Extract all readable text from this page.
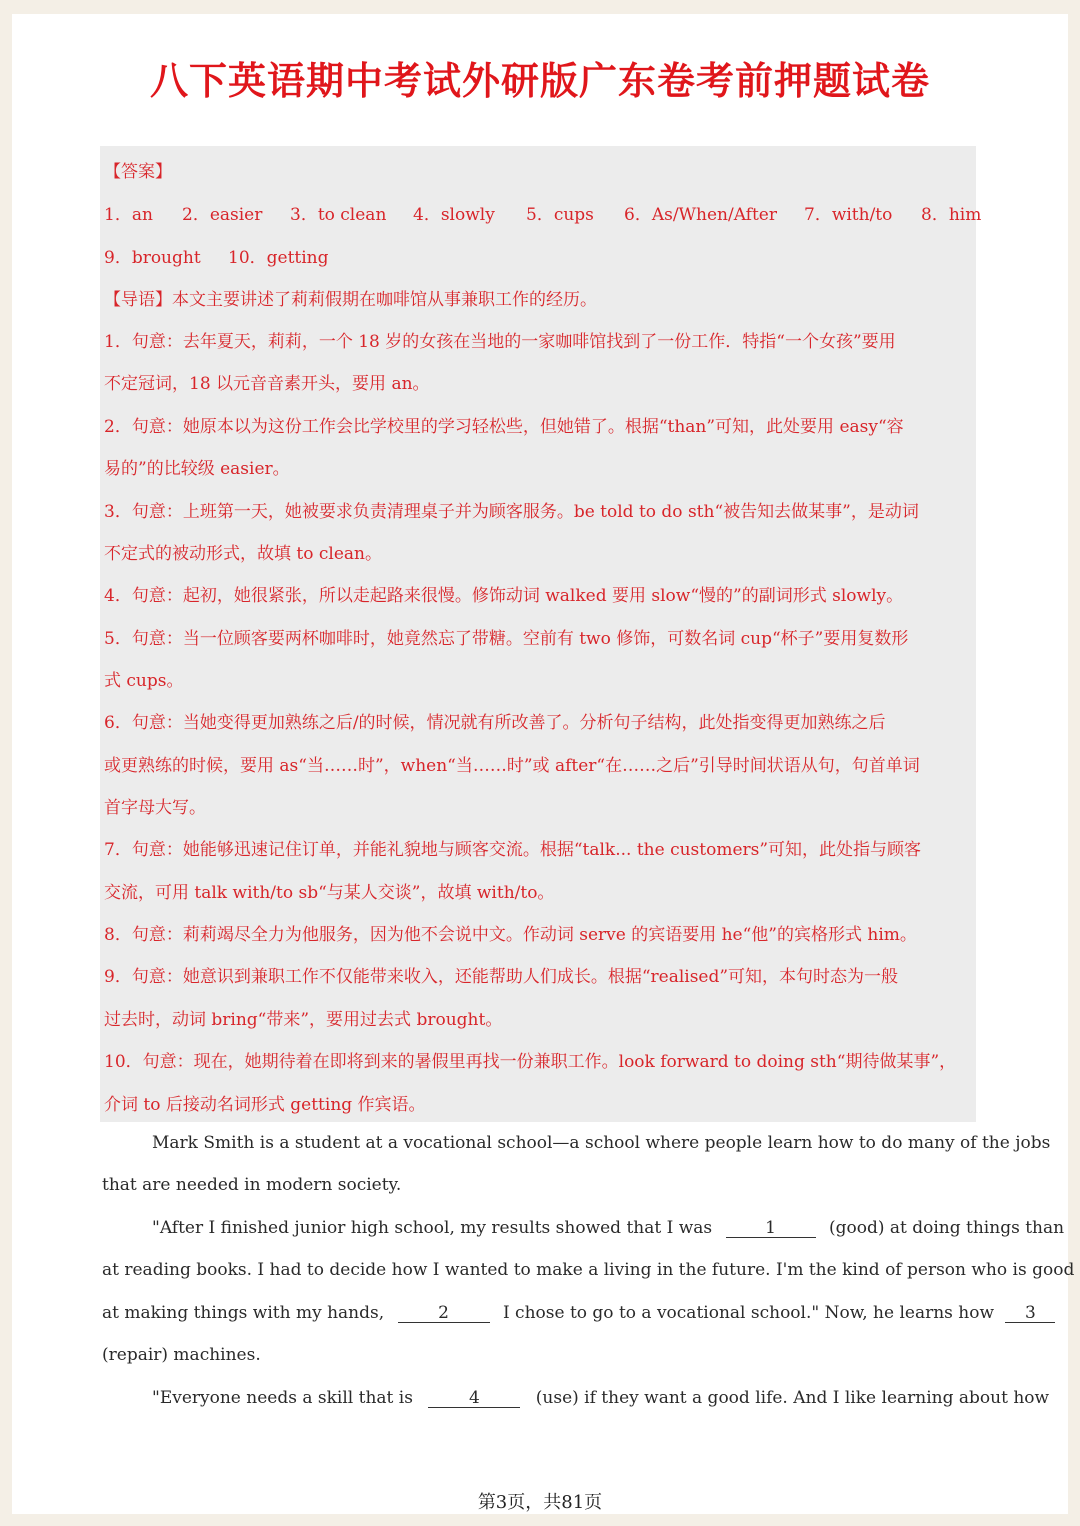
八下英语期中考试外研版广东卷考前押题试卷
【答案】
1．an 2．easier 3．to clean 4．slowly 5．cups 6．As/When/After 7．with/to 8．him
9．brought 10．getting
【导语】本文主要讲述了莉莉假期在咖啡馆从事兼职工作的经历。
1．句意：去年夏天，莉莉，一个 18 岁的女孩在当地的一家咖啡馆找到了一份工作．特指“一个女孩”要用
不定冠词，18 以元音音素开头，要用 an。
2．句意：她原本以为这份工作会比学校里的学习轻松些，但她错了。根据“than”可知，此处要用 easy“容
易的”的比较级 easier。
3．句意：上班第一天，她被要求负责清理桌子并为顾客服务。be told to do sth“被告知去做某事”，是动词
不定式的被动形式，故填 to clean。
4．句意：起初，她很紧张，所以走起路来很慢。修饰动词 walked 要用 slow“慢的”的副词形式 slowly。
5．句意：当一位顾客要两杯咖啡时，她竟然忘了带糖。空前有 two 修饰，可数名词 cup“杯子”要用复数形
式 cups。
6．句意：当她变得更加熟练之后/的时候，情况就有所改善了。分析句子结构，此处指变得更加熟练之后
或更熟练的时候，要用 as“当……时”，when“当……时”或 after“在……之后”引导时间状语从句，句首单词
首字母大写。
7．句意：她能够迅速记住订单，并能礼貌地与顾客交流。根据“talk... the customers”可知，此处指与顾客
交流，可用 talk with/to sb“与某人交谈”，故填 with/to。
8．句意：莉莉竭尽全力为他服务，因为他不会说中文。作动词 serve 的宾语要用 he“他”的宾格形式 him。
9．句意：她意识到兼职工作不仅能带来收入，还能帮助人们成长。根据“realised”可知，本句时态为一般
过去时，动词 bring“带来”，要用过去式 brought。
10．句意：现在，她期待着在即将到来的暑假里再找一份兼职工作。look forward to doing sth“期待做某事”，
介词 to 后接动名词形式 getting 作宾语。
Mark Smith is a student at a vocational school—a school where people learn how to do many of the jobs
that are needed in modern society.
"After I finished junior high school, my results showed that I was	1	(good) at doing things than
at reading books. I had to decide how I wanted to make a living in the future. I'm the kind of person who is good
at making things with my hands,	2	I chose to go to a vocational school." Now, he learns how 3
(repair) machines.
"Everyone needs a skill that is	4	(use) if they want a good life. And I like learning about how
第3页，共81页
